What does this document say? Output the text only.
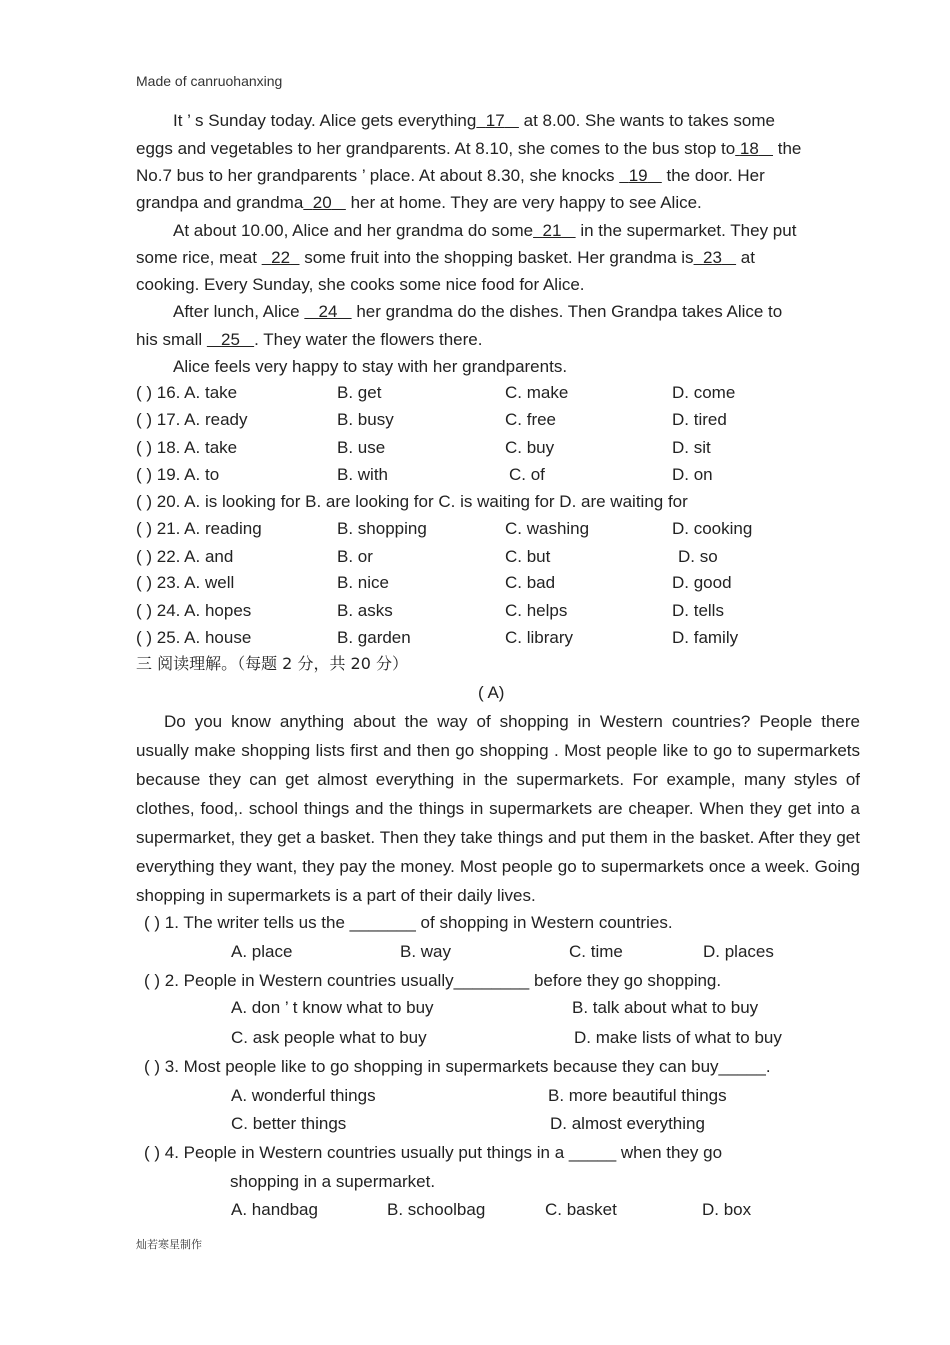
Made of canruohanxing
It ’ s Sunday today. Alice gets everything 17    at 8.00. She wants to takes some
eggs and vegetables to her grandparents. At 8.10, she comes to the bus stop to 18    the
No.7 bus to her grandparents ’ place. At about 8.30, she knocks   19    the door. Her
grandpa and grandma 20    her at home. They are very happy to see Alice.
At about 10.00, Alice and her grandma do some 21    in the supermarket. They put
some rice, meat   22   some fruit into the shopping basket. Her grandma is 23    at
cooking. Every Sunday, she cooks some nice food for Alice.
After lunch, Alice    24    her grandma do the dishes. Then Grandpa takes Alice to
his small    25 . They water the flowers there.
Alice feels very happy to stay with her grandparents.
( ) 16. A. take	B. get	C. make	D. come
( ) 17. A. ready	B. busy	C. free	D. tired
( ) 18. A. take	B. use	C. buy	D. sit
( ) 19. A. to	B. with	C. of	D. on
( ) 20. A. is looking for B. are looking for C. is waiting for D. are waiting for
( ) 21. A. reading	B. shopping	C. washing	D. cooking
( ) 22. A. and	B. or	C. but	D. so
( ) 23. A. well	B. nice	C. bad	D. good
( ) 24. A. hopes	B. asks	C. helps	D. tells
( ) 25. A. house	B. garden	C. library	D. family
三 阅读理解。（每题 2 分，共 20 分）
( A)
Do you know anything about the way of shopping in Western countries? People there usually make shopping lists first and then go shopping . Most people like to go to supermarkets because they can get almost everything in the supermarkets. For example, many styles of clothes, food,. school things and the things in supermarkets are cheaper. When they get into a supermarket, they get a basket. Then they take things and put them in the basket. After they get everything they want, they pay the money. Most people go to supermarkets once a week. Going shopping in supermarkets is a part of their daily lives.
( ) 1. The writer tells us the _______ of shopping in Western countries.
A. place	B. way	C. time	D. places
( ) 2. People in Western countries usually________ before they go shopping.
A. don ’ t know what to buy	B. talk about what to buy
C. ask people what to buy	D. make lists of what to buy
( ) 3. Most people like to go shopping in supermarkets because they can buy_____.
A. wonderful things	B. more beautiful things
C. better things	D. almost everything
( ) 4. People in Western countries usually put things in a _____ when they go
shopping in a supermarket.
A. handbag	B. schoolbag	C. basket	D. box
灿若寒星制作
